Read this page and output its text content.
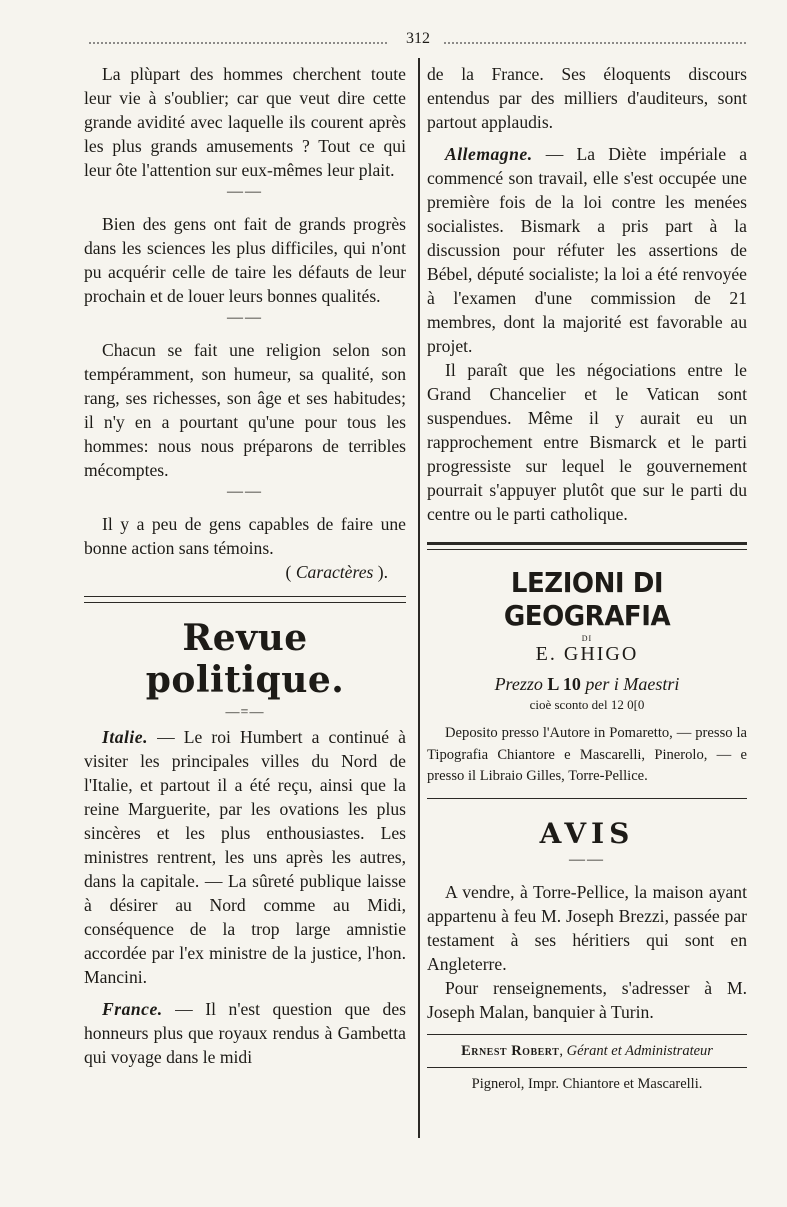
312

La plùpart des hommes cherchent toute leur vie à s'oublier; car que veut dire cette grande avidité avec laquelle ils courent après les plus grands amusements ? Tout ce qui leur ôte l'attention sur eux-mêmes leur plait.

——

Bien des gens ont fait de grands progrès dans les sciences les plus difficiles, qui n'ont pu acquérir celle de taire les défauts de leur prochain et de louer leurs bonnes qualités.

——

Chacun se fait une religion selon son tempéramment, son humeur, sa qualité, son rang, ses richesses, son âge et ses habitudes; il n'y en a pourtant qu'une pour tous les hommes: nous nous préparons de terribles mécomptes.

——

Il y a peu de gens capables de faire une bonne action sans témoins.

( Caractères ).

Revue politique.
—=—

Italie. — Le roi Humbert a continué à visiter les principales villes du Nord de l'Italie, et partout il a été reçu, ainsi que la reine Marguerite, par les ovations les plus sincères et les plus enthousiastes. Les ministres rentrent, les uns après les autres, dans la capitale. — La sûreté publique laisse à désirer au Nord comme au Midi, conséquence de la trop large amnistie accordée par l'ex ministre de la justice, l'hon. Mancini.

France. — Il n'est question que des honneurs plus que royaux rendus à Gambetta qui voyage dans le midi

de la France. Ses éloquents discours entendus par des milliers d'auditeurs, sont partout applaudis.

Allemagne. — La Diète impériale a commencé son travail, elle s'est occupée une première fois de la loi contre les menées socialistes. Bismark a pris part à la discussion pour réfuter les assertions de Bébel, député socialiste; la loi a été renvoyée à l'examen d'une commission de 21 membres, dont la majorité est favorable au projet.

Il paraît que les négociations entre le Grand Chancelier et le Vatican sont suspendues. Même il y aurait eu un rapprochement entre Bismarck et le parti progressiste sur lequel le gouvernement pourrait s'appuyer plutôt que sur le parti du centre ou le parti catholique.

LEZIONI DI GEOGRAFIA
DI
E. GHIGO
Prezzo L 10 per i Maestri
cioè sconto del 12 0[0

Deposito presso l'Autore in Pomaretto, — presso la Tipografia Chiantore e Mascarelli, Pinerolo, — e presso il Libraio Gilles, Torre-Pellice.

AVIS
——

A vendre, à Torre-Pellice, la maison ayant appartenu à feu M. Joseph Brezzi, passée par testament à ses héritiers qui sont en Angleterre.

Pour renseignements, s'adresser à M. Joseph Malan, banquier à Turin.

Ernest Robert, Gérant et Administrateur
Pignerol, Impr. Chiantore et Mascarelli.
